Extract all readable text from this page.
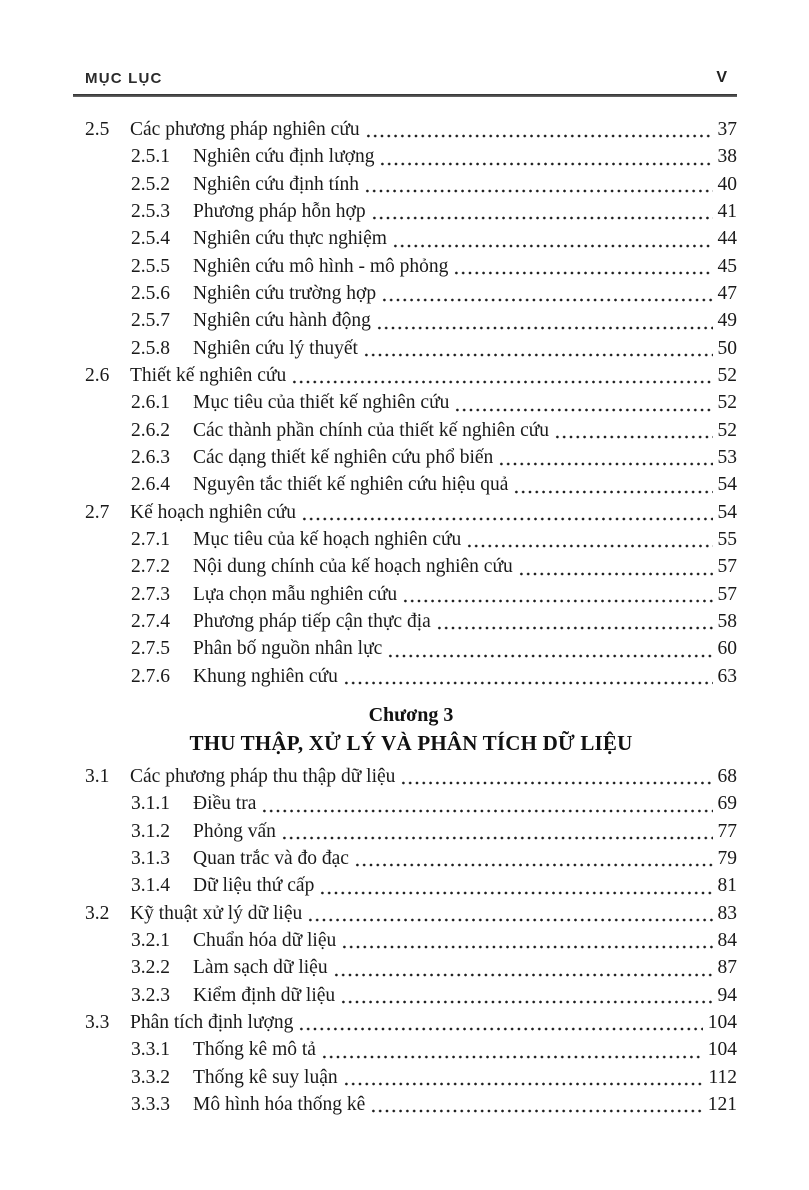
MỤC LỤC	V
2.5	Các phương pháp nghiên cứu	37
2.5.1	Nghiên cứu định lượng	38
2.5.2	Nghiên cứu định tính	40
2.5.3	Phương pháp hỗn hợp	41
2.5.4	Nghiên cứu thực nghiệm	44
2.5.5	Nghiên cứu mô hình - mô phỏng	45
2.5.6	Nghiên cứu trường hợp	47
2.5.7	Nghiên cứu hành động	49
2.5.8	Nghiên cứu lý thuyết	50
2.6	Thiết kế nghiên cứu	52
2.6.1	Mục tiêu của thiết kế nghiên cứu	52
2.6.2	Các thành phần chính của thiết kế nghiên cứu	52
2.6.3	Các dạng thiết kế nghiên cứu phổ biến	53
2.6.4	Nguyên tắc thiết kế nghiên cứu hiệu quả	54
2.7	Kế hoạch nghiên cứu	54
2.7.1	Mục tiêu của kế hoạch nghiên cứu	55
2.7.2	Nội dung chính của kế hoạch nghiên cứu	57
2.7.3	Lựa chọn mẫu nghiên cứu	57
2.7.4	Phương pháp tiếp cận thực địa	58
2.7.5	Phân bố nguồn nhân lực	60
2.7.6	Khung nghiên cứu	63
Chương 3
THU THẬP, XỬ LÝ VÀ PHÂN TÍCH DỮ LIỆU
3.1	Các phương pháp thu thập dữ liệu	68
3.1.1	Điều tra	69
3.1.2	Phỏng vấn	77
3.1.3	Quan trắc và đo đạc	79
3.1.4	Dữ liệu thứ cấp	81
3.2	Kỹ thuật xử lý dữ liệu	83
3.2.1	Chuẩn hóa dữ liệu	84
3.2.2	Làm sạch dữ liệu	87
3.2.3	Kiểm định dữ liệu	94
3.3	Phân tích định lượng	104
3.3.1	Thống kê mô tả	104
3.3.2	Thống kê suy luận	112
3.3.3	Mô hình hóa thống kê	121
